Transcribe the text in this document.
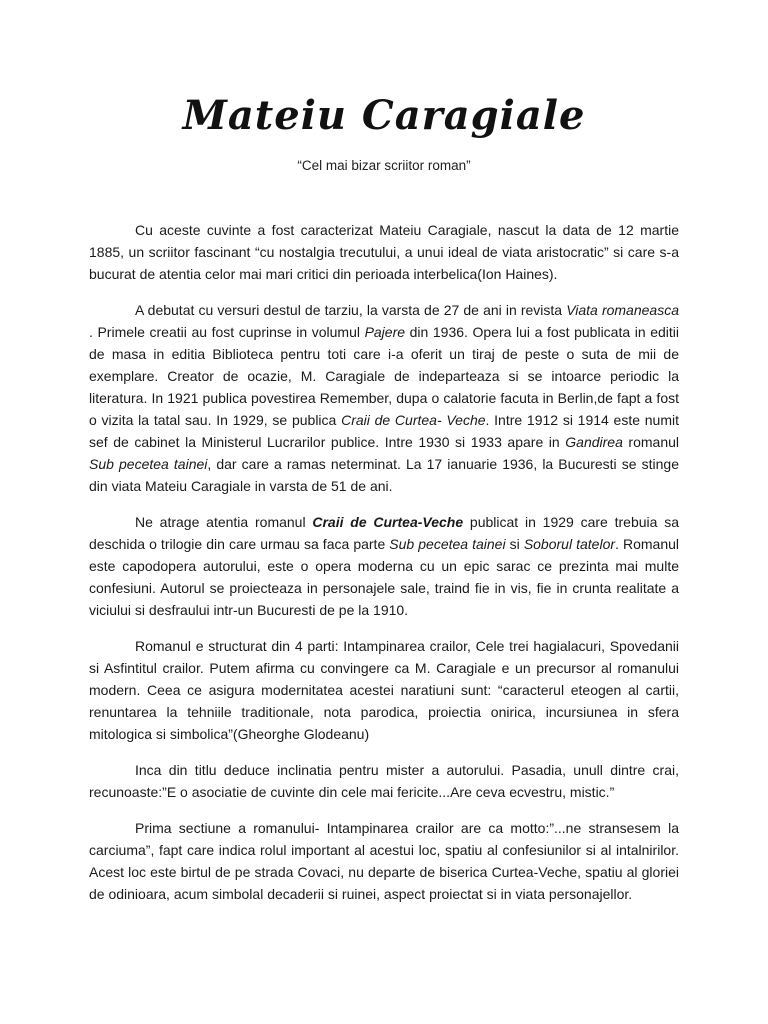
Mateiu Caragiale
“Cel mai bizar scriitor roman”

Cu aceste cuvinte a fost caracterizat Mateiu Caragiale, nascut la data de 12 martie 1885, un scriitor fascinant “cu nostalgia trecutului, a unui ideal de viata aristocratic” si care s-a bucurat de atentia celor mai mari critici din perioada interbelica(Ion Haines).

A debutat cu versuri destul de tarziu, la varsta de 27 de ani in revista Viata romaneasca . Primele creatii au fost cuprinse in volumul Pajere din 1936. Opera lui a fost publicata in editii de masa in editia Biblioteca pentru toti care i-a oferit un tiraj de peste o suta de mii de exemplare. Creator de ocazie, M. Caragiale de indeparteaza si se intoarce periodic la literatura. In 1921 publica povestirea Remember, dupa o calatorie facuta in Berlin,de fapt a fost o vizita la tatal sau. In 1929, se publica Craii de Curtea- Veche. Intre 1912 si 1914 este numit sef de cabinet la Ministerul Lucrarilor publice. Intre 1930 si 1933 apare in Gandirea romanul Sub pecetea tainei, dar care a ramas neterminat. La 17 ianuarie 1936, la Bucuresti se stinge din viata Mateiu Caragiale in varsta de 51 de ani.

Ne atrage atentia romanul Craii de Curtea-Veche publicat in 1929 care trebuia sa deschida o trilogie din care urmau sa faca parte Sub pecetea tainei si Soborul tatelor. Romanul este capodopera autorului, este o opera moderna cu un epic sarac ce prezinta mai multe confesiuni. Autorul se proiecteaza in personajele sale, traind fie in vis, fie in crunta realitate a viciului si desfraului intr-un Bucuresti de pe la 1910.

Romanul e structurat din 4 parti: Intampinarea crailor, Cele trei hagialacuri, Spovedanii si Asfintitul crailor. Putem afirma cu convingere ca M. Caragiale e un precursor al romanului modern. Ceea ce asigura modernitatea acestei naratiuni sunt: “caracterul eteogen al cartii, renuntarea la tehniile traditionale, nota parodica, proiectia onirica, incursiunea in sfera mitologica si simbolica”(Gheorghe Glodeanu)

Inca din titlu deduce inclinatia pentru mister a autorului. Pasadia, unull dintre crai, recunoaste:”E o asociatie de cuvinte din cele mai fericite...Are ceva ecvestru, mistic.”

Prima sectiune a romanului- Intampinarea crailor are ca motto:”...ne stransesem la carciuma”, fapt care indica rolul important al acestui loc, spatiu al confesiunilor si al intalnirilor. Acest loc este birtul de pe strada Covaci, nu departe de biserica Curtea-Veche, spatiu al gloriei de odinioara, acum simbolal decaderii si ruinei, aspect proiectat si in viata personajellor.
